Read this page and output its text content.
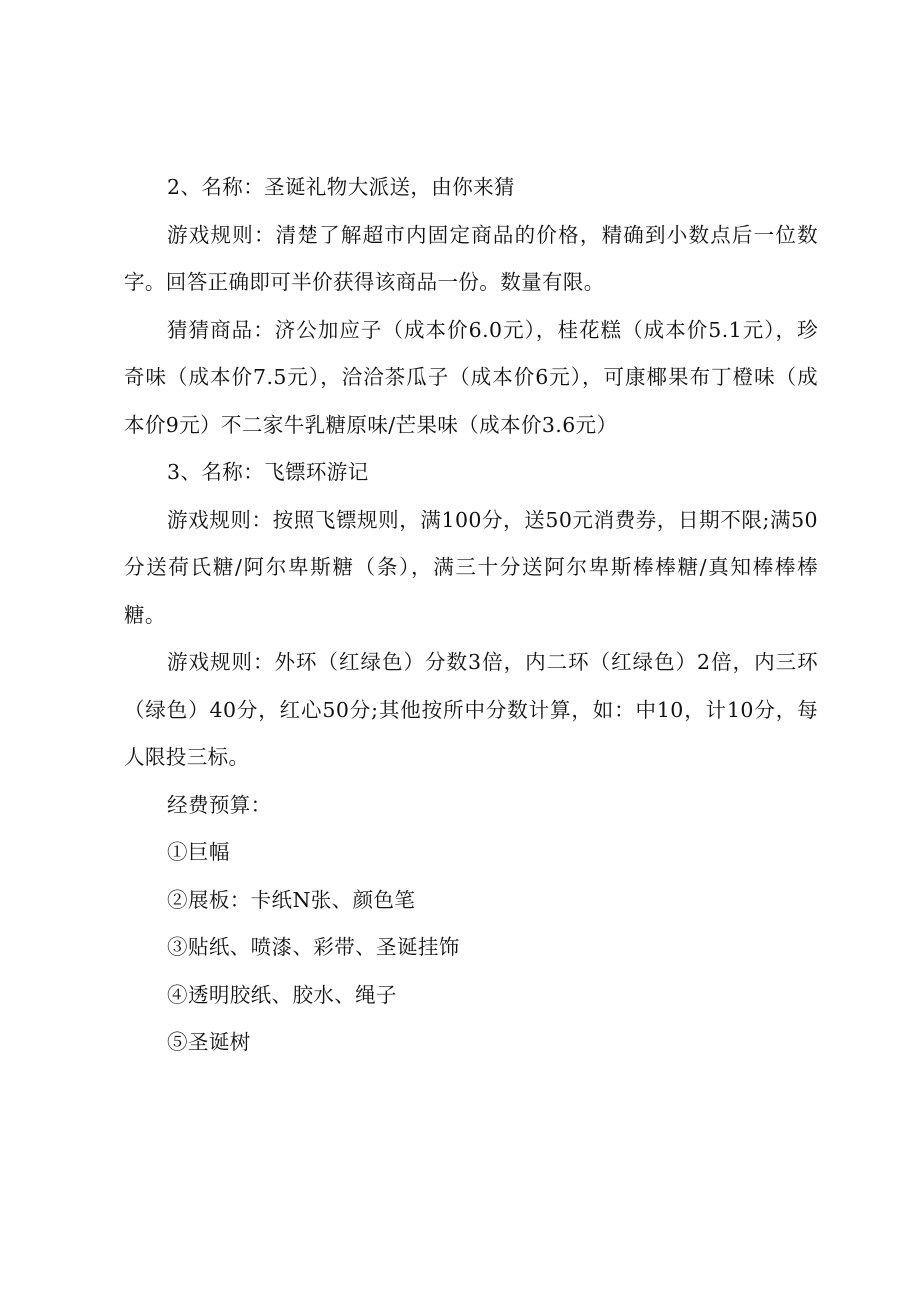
2、名称：圣诞礼物大派送，由你来猜

游戏规则：清楚了解超市内固定商品的价格，精确到小数点后一位数字。回答正确即可半价获得该商品一份。数量有限。

猜猜商品：济公加应子（成本价6.0元），桂花糕（成本价5.1元），珍奇味（成本价7.5元），洽洽茶瓜子（成本价6元），可康椰果布丁橙味（成本价9元）不二家牛乳糖原味/芒果味（成本价3.6元）

3、名称：飞镖环游记

游戏规则：按照飞镖规则，满100分，送50元消费券，日期不限;满50分送荷氏糖/阿尔卑斯糖（条），满三十分送阿尔卑斯棒棒糖/真知棒棒棒糖。

游戏规则：外环（红绿色）分数3倍，内二环（红绿色）2倍，内三环（绿色）40分，红心50分;其他按所中分数计算，如：中10，计10分，每人限投三标。

经费预算：

①巨幅

②展板：卡纸N张、颜色笔

③贴纸、喷漆、彩带、圣诞挂饰

④透明胶纸、胶水、绳子

⑤圣诞树
